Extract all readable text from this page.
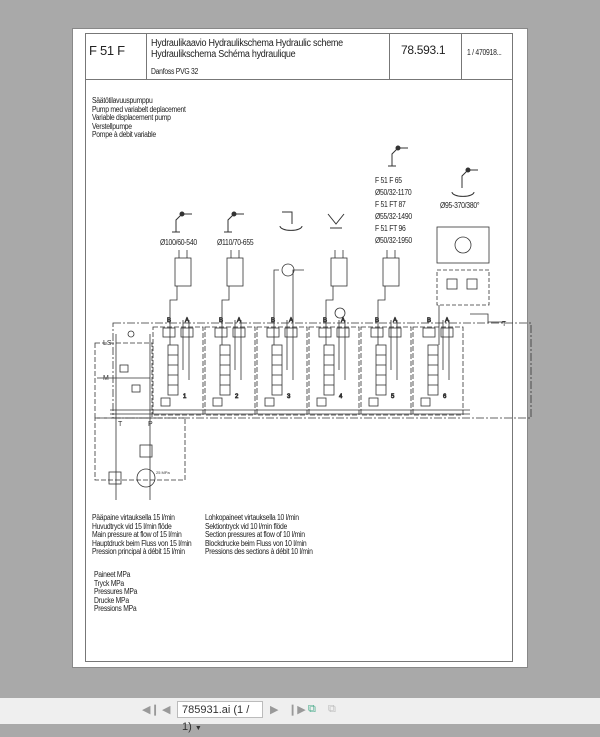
F 51 F	Hydraulikaavio Hydraulikschema Hydraulic scheme
Hydraulikschema Schéma hydraulique
Danfoss PVG 32
78.593.1	1 / 470918...
Säätötilavuuspumppu
Pump med variabelt deplacement
Variable displacement pump
Verstellpumpe
Pompe à debit variable
Pääpaine virtauksella 15 l/min
Huvudtryck vid 15 l/min flöde
Main pressure at flow of 15 l/min
Hauptdruck beim Fluss von 15 l/min
Pression principal à débit 15 l/min
Lohkopaineet virtauksella 10 l/min
Sektiontryck vid 10 l/min flöde
Section pressures at flow of 10 l/min
Blockdrucke beim Fluss von 10 l/min
Pressions des sections à débit 10 l/min
Paineet MPa
Tryck MPa
Pressures MPa
Drucke MPa
Pressions MPa
Ø100/60-540	Ø110/70-655
F 51 F 65
Ø50/32-1170
F 51 FT 87
Ø55/32-1490
F 51 FT 96
Ø50/32-1950
Ø95-370/380°
B A
1
B A
2
B A
3
B A
4
B A
5
B A
6
LS
M
T	P
25 MPa
T
◀❙ ◀	785931.ai (1 / 1) ▼
▶ ❙▶ ⧉ ⧉
